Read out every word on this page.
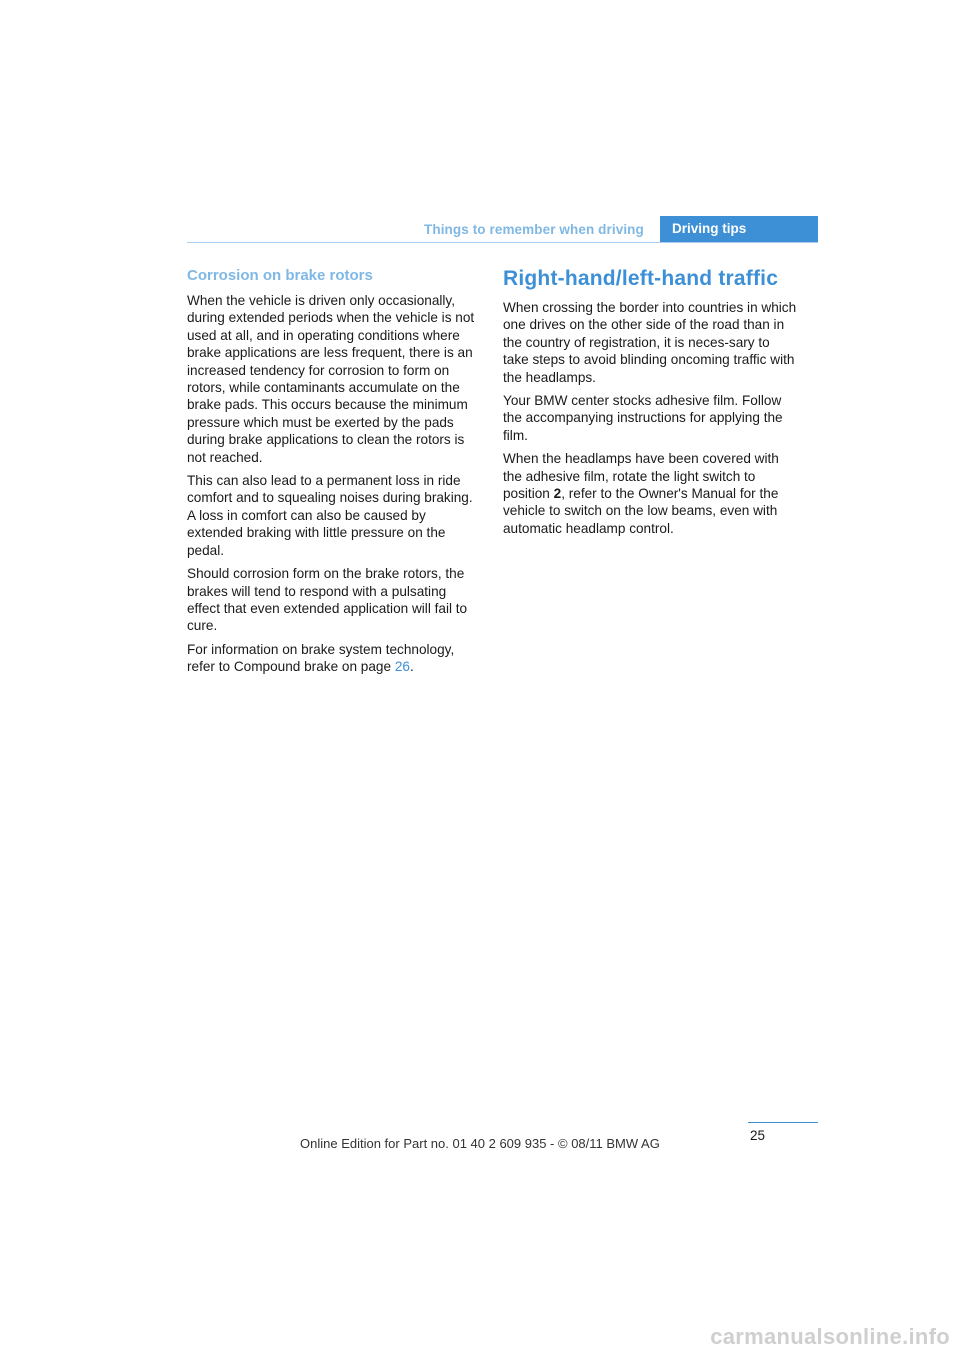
Things to remember when driving	Driving tips
Corrosion on brake rotors

When the vehicle is driven only occasionally, during extended periods when the vehicle is not used at all, and in operating conditions where brake applications are less frequent, there is an increased tendency for corrosion to form on rotors, while contaminants accumulate on the brake pads. This occurs because the minimum pressure which must be exerted by the pads during brake applications to clean the rotors is not reached.

This can also lead to a permanent loss in ride comfort and to squealing noises during braking. A loss in comfort can also be caused by extended braking with little pressure on the pedal.

Should corrosion form on the brake rotors, the brakes will tend to respond with a pulsating effect that even extended application will fail to cure.

For information on brake system technology, refer to Compound brake on page 26.

Right-hand/left-hand traffic

When crossing the border into countries in which one drives on the other side of the road than in the country of registration, it is neces-sary to take steps to avoid blinding oncoming traffic with the headlamps.

Your BMW center stocks adhesive film. Follow the accompanying instructions for applying the film.

When the headlamps have been covered with the adhesive film, rotate the light switch to position 2, refer to the Owner's Manual for the vehicle to switch on the low beams, even with automatic headlamp control.

25
Online Edition for Part no. 01 40 2 609 935 - © 08/11 BMW AG
carmanualsonline.info
